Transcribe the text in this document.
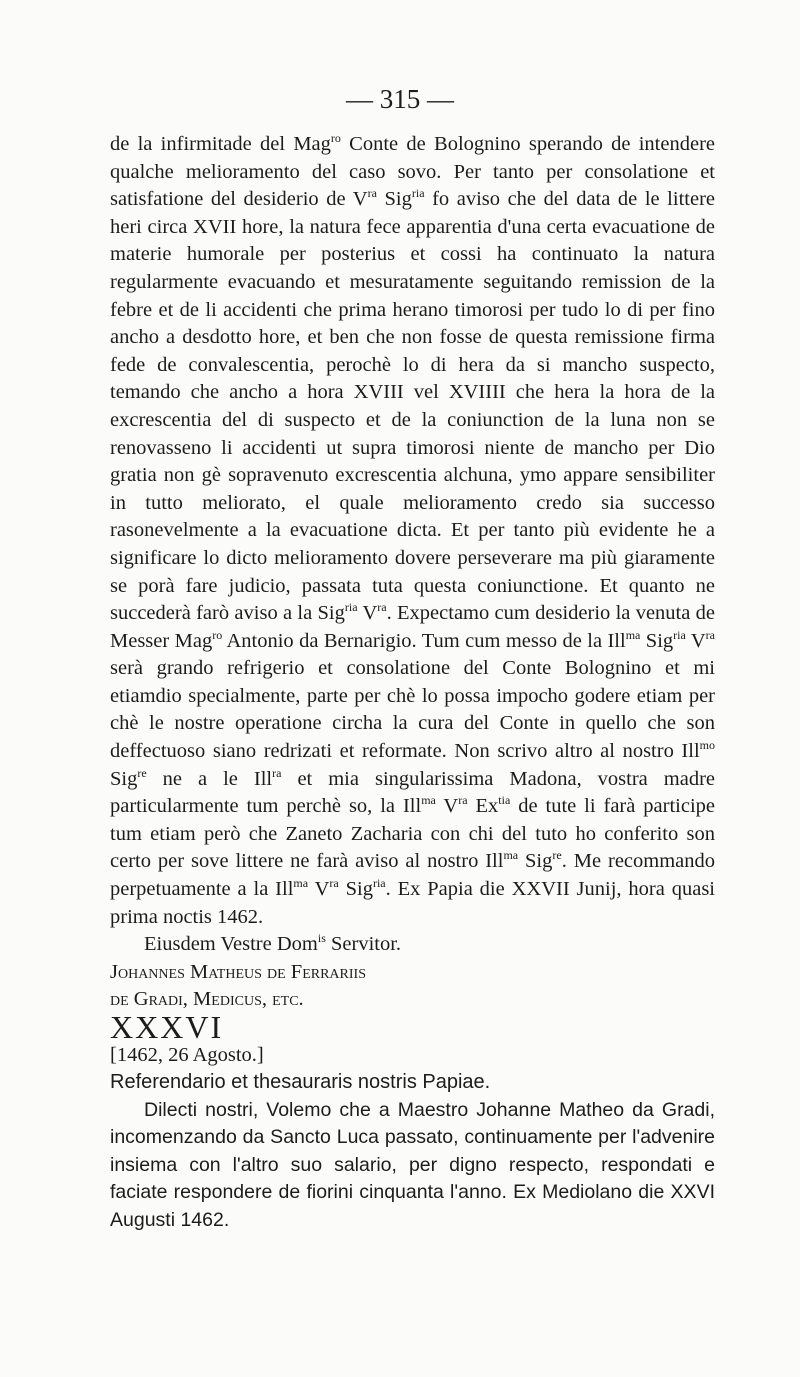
— 315 —

de la infirmitade del Mag$^{ro}$ Conte de Bolognino sperando de intendere qualche melioramento del caso sovo. Per tanto per consolatione et satisfatione del desiderio de $V^{ra}$ Sig$^{ria}$ fo aviso che del data de le littere heri circa XVII hore, la natura fece apparentia d'una certa evacuatione de materie humorale per posterius et cossi ha continuato la natura regularmente evacuando et mesuratamente seguitando remission de la febre et de li accidenti che prima herano timorosi per tudo lo di per fino ancho a desdotto hore, et ben che non fosse de questa remissione firma fede de convalescentia, perochè lo di hera da si mancho suspecto, temando che ancho a hora XVIII vel XVIIII che hera la hora de la excrescentia del di suspecto et de la coniunction de la luna non se renovasseno li accidenti ut supra timorosi niente de mancho per Dio gratia non gè sopravenuto excrescentia alchuna, ymo appare sensibiliter in tutto meliorato, el quale melioramento credo sia successo rasonevelmente a la evacuatione dicta. Et per tanto più evidente he a significare lo dicto melioramento dovere perseverare ma più giaramente se porà fare judicio, passata tuta questa coniunctione. Et quanto ne succederà farò aviso a la Sig$^{ria}$ $V^{ra}$. Expectamo cum desiderio la venuta de Messer Mag$^{ro}$ Antonio da Bernarigio. Tum cum messo de la Ill$^{ma}$ Sig$^{ria}$ $V^{ra}$ serà grando refrigerio et consolatione del Conte Bolognino et mi etiamdio specialmente, parte per chè lo possa impocho godere etiam per chè le nostre operatione circha la cura del Conte in quello che son deffectuoso siano redrizati et reformate. Non scrivo altro al nostro Ill$^{mo}$ Sig$^{re}$ ne a le Ill$^{ra}$ et mia singularissima Madona, vostra madre particularmente tum perchè so, la Ill$^{ma}$ $V^{ra}$ $Ex^{tia}$ de tute li farà participe tum etiam però che Zaneto Zacharia con chi del tuto ho conferito son certo per sove littere ne farà aviso al nostro Ill$^{ma}$ Sig$^{re}$. Me recommando perpetuamente a la Ill$^{ma}$ $V^{ra}$ Sig$^{ria}$. Ex Papia die XXVII Junij, hora quasi prima noctis 1462.

Eiusdem Vestre Dom$^{is}$ Servitor.

Johannes Matheus de Ferrariis

de Gradi, Medicus, etc.

XXXVI

[1462, 26 Agosto.]

Referendario et thesauraris nostris Papiae.

Dilecti nostri, Volemo che a Maestro Johanne Matheo da Gradi, incomenzando da Sancto Luca passato, continuamente per l'advenire insiema con l'altro suo salario, per digno respecto, respondati e faciate respondere de fiorini cinquanta l'anno. Ex Mediolano die XXVI Augusti 1462.
